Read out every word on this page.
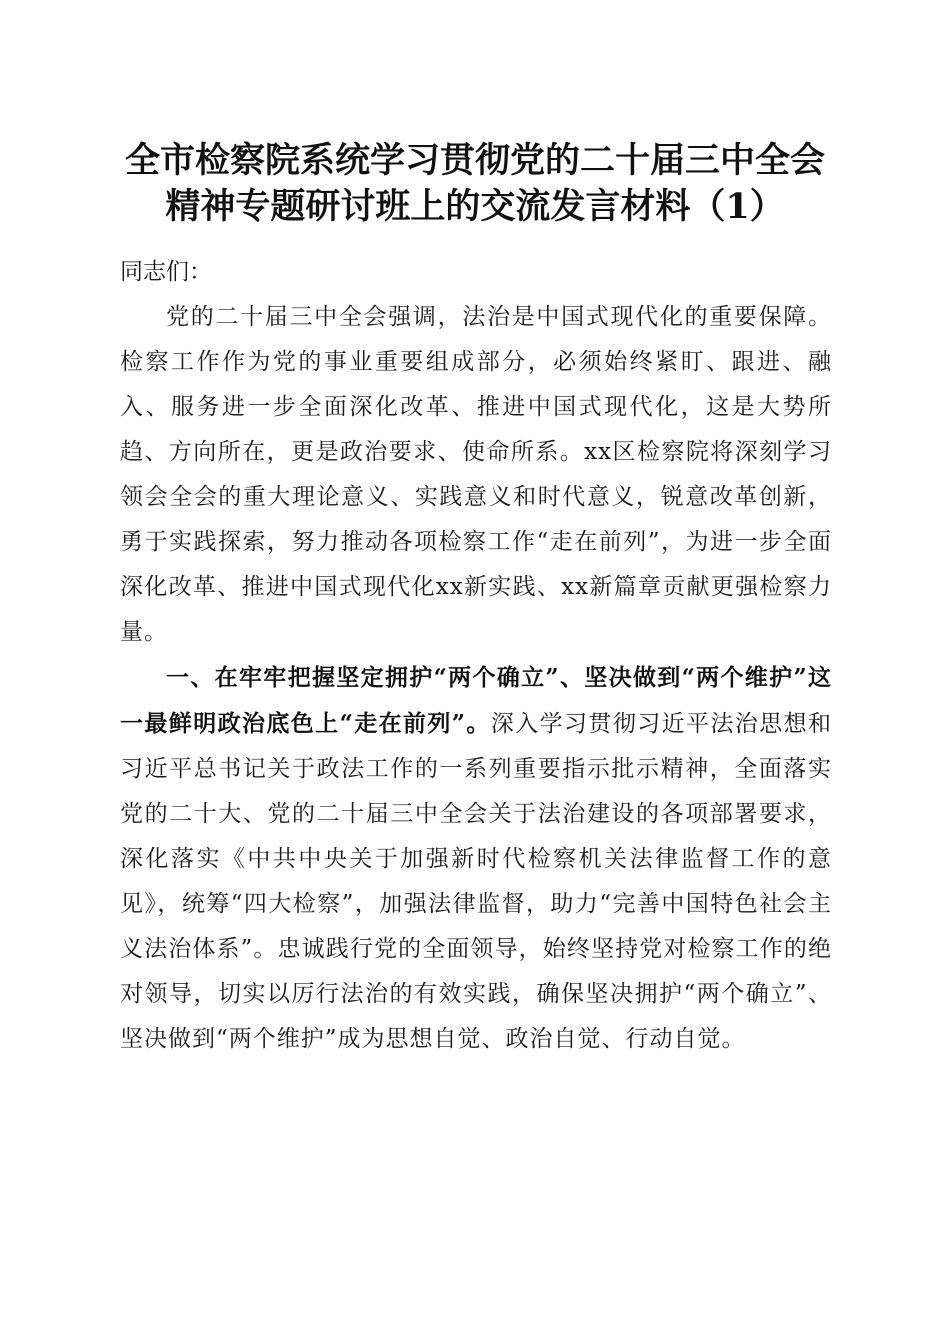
全市检察院系统学习贯彻党的二十届三中全会
精神专题研讨班上的交流发言材料（1）

同志们：

党的二十届三中全会强调，法治是中国式现代化的重要保障。检察工作作为党的事业重要组成部分，必须始终紧盯、跟进、融入、服务进一步全面深化改革、推进中国式现代化，这是大势所趋、方向所在，更是政治要求、使命所系。xx区检察院将深刻学习领会全会的重大理论意义、实践意义和时代意义，锐意改革创新，勇于实践探索，努力推动各项检察工作“走在前列”，为进一步全面深化改革、推进中国式现代化xx新实践、xx新篇章贡献更强检察力量。

一、在牢牢把握坚定拥护“两个确立”、坚决做到“两个维护”这一最鲜明政治底色上“走在前列”。深入学习贯彻习近平法治思想和习近平总书记关于政法工作的一系列重要指示批示精神，全面落实党的二十大、党的二十届三中全会关于法治建设的各项部署要求，深化落实《中共中央关于加强新时代检察机关法律监督工作的意见》，统筹“四大检察”，加强法律监督，助力“完善中国特色社会主义法治体系”。忠诚践行党的全面领导，始终坚持党对检察工作的绝对领导，切实以厉行法治的有效实践，确保坚决拥护“两个确立”、坚决做到“两个维护”成为思想自觉、政治自觉、行动自觉。
